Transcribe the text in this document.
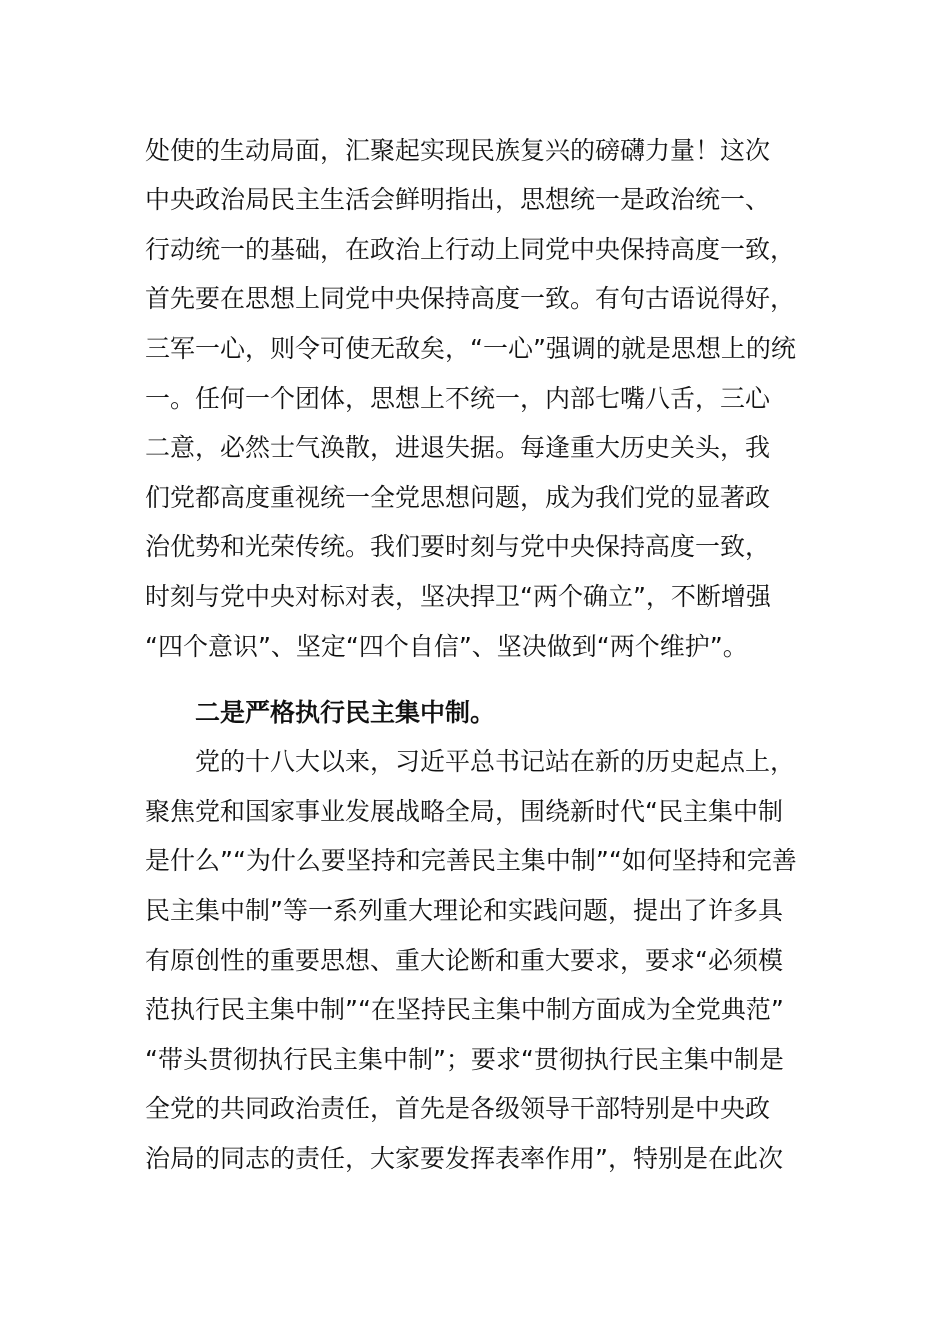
处使的生动局面，汇聚起实现民族复兴的磅礴力量！这次
中央政治局民主生活会鲜明指出，思想统一是政治统一、
行动统一的基础，在政治上行动上同党中央保持高度一致，
首先要在思想上同党中央保持高度一致。有句古语说得好，
三军一心，则令可使无敌矣，“一心”强调的就是思想上的统
一。任何一个团体，思想上不统一，内部七嘴八舌，三心
二意，必然士气涣散，进退失据。每逢重大历史关头，我
们党都高度重视统一全党思想问题，成为我们党的显著政
治优势和光荣传统。我们要时刻与党中央保持高度一致，
时刻与党中央对标对表，坚决捍卫“两个确立”，不断增强
“四个意识”、坚定“四个自信”、坚决做到“两个维护”。
二是严格执行民主集中制。
党的十八大以来，习近平总书记站在新的历史起点上，
聚焦党和国家事业发展战略全局，围绕新时代“民主集中制
是什么”“为什么要坚持和完善民主集中制”“如何坚持和完善
民主集中制”等一系列重大理论和实践问题，提出了许多具
有原创性的重要思想、重大论断和重大要求，要求“必须模
范执行民主集中制”“在坚持民主集中制方面成为全党典范”
“带头贯彻执行民主集中制”；要求“贯彻执行民主集中制是
全党的共同政治责任，首先是各级领导干部特别是中央政
治局的同志的责任，大家要发挥表率作用”，特别是在此次
